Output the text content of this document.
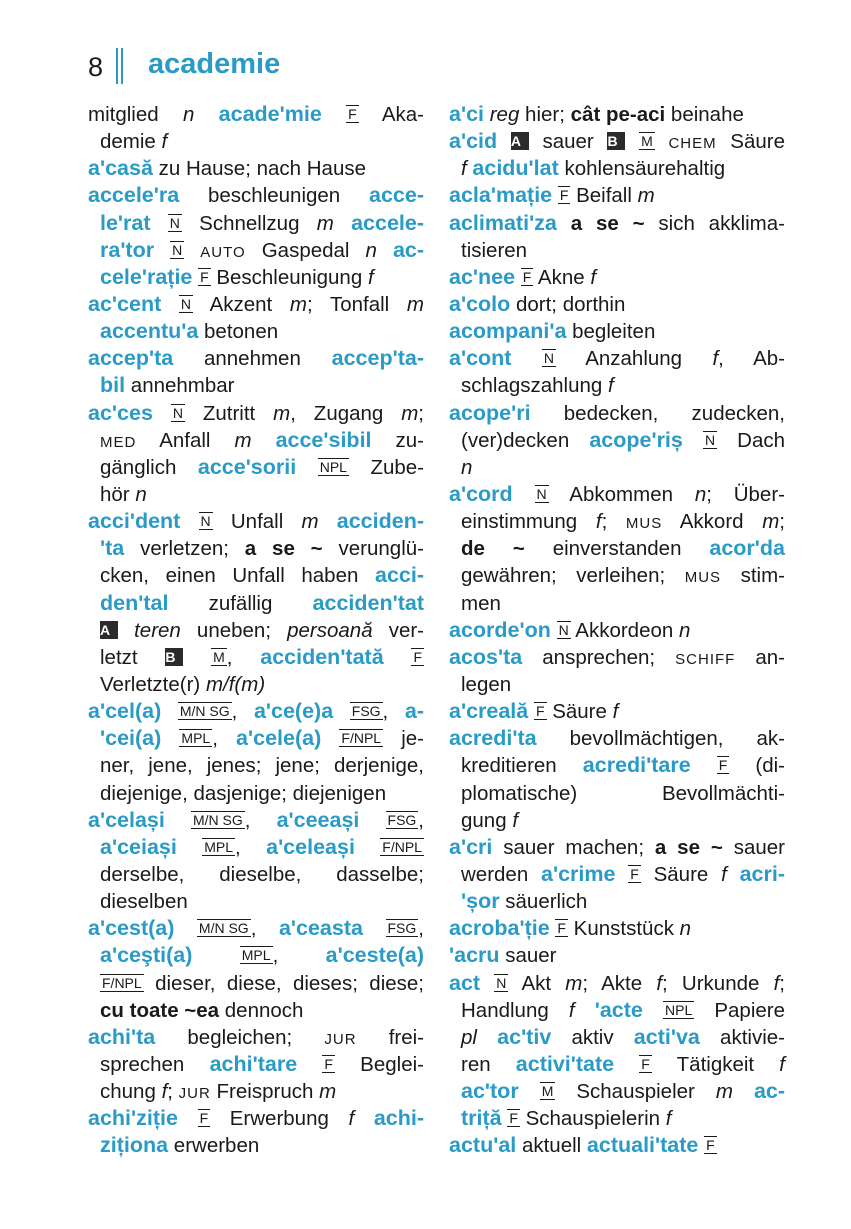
8 academie
mitglied n acade'mie F Aka-
demie f
a'casă zu Hause; nach Hause
accele'ra beschleunigen acce-
le'rat N Schnellzug m accele-
ra'tor N AUTO Gaspedal n ac-
cele'rație F Beschleunigung f
ac'cent N Akzent m; Tonfall m
accentu'a betonen
accep'ta annehmen accep'ta-
bil annehmbar
ac'ces N Zutritt m, Zugang m;
MED Anfall m acce'sibil zu-
gänglich acce'sorii NPL Zube-
hör n
acci'dent N Unfall m acciden-
'ta verletzen; a se ~ verunglü-
cken, einen Unfall haben acci-
den'tal zufällig acciden'tat
A teren uneben; persoană ver-
letzt B	M, acciden'tată F
Verletzte(r) m/f(m)
a'cel(a) M/N SG, a'ce(e)a FSG, a-
'cei(a) MPL, a'cele(a) F/NPL je-
ner, jene, jenes; jene; derjenige,
diejenige, dasjenige; diejenigen
a'celași M/N SG, a'ceeași FSG,
a'ceiași MPL, a'celeași F/NPL
derselbe, dieselbe, dasselbe;
dieselben
a'cest(a) M/N SG, a'ceasta FSG,
a'ceşti(a)	MPL, a'ceste(a)
F/NPL dieser, diese, dieses; diese;
cu toate ~ea dennoch
achi'ta begleichen; JUR frei-
sprechen achi'tare F Beglei-
chung f; JUR Freispruch m
achi'ziție F Erwerbung f achi-
ziționa erwerben
a'ci reg hier; cât pe-aci beinahe
a'cid A sauer B M CHEM Säure
f acidu'lat kohlensäurehaltig
acla'mație F Beifall m
aclimati'za a se ~ sich akklima-
tisieren
ac'nee F Akne f
a'colo dort; dorthin
acompani'a begleiten
a'cont N Anzahlung f, Ab-
schlagszahlung f
acope'ri bedecken, zudecken,
(ver)decken acope'riș N Dach
n
a'cord N Abkommen n; Über-
einstimmung f; MUS Akkord m;
de ~ einverstanden acor'da
gewähren; verleihen; MUS stim-
men
acorde'on N Akkordeon n
acos'ta ansprechen; SCHIFF an-
legen
a'creală F Säure f
acredi'ta bevollmächtigen, ak-
kreditieren acredi'tare F (di-
plomatische) Bevollmächti-
gung f
a'cri sauer machen; a se ~ sauer
werden a'crime F Säure f acri-
'șor säuerlich
acroba'ție F Kunststück n
'acru sauer
act N Akt m; Akte f; Urkunde f;
Handlung f 'acte NPL Papiere
pl ac'tiv aktiv acti'va aktivie-
ren activi'tate F Tätigkeit f
ac'tor M Schauspieler m ac-
triță F Schauspielerin f
actu'al aktuell actuali'tate F
